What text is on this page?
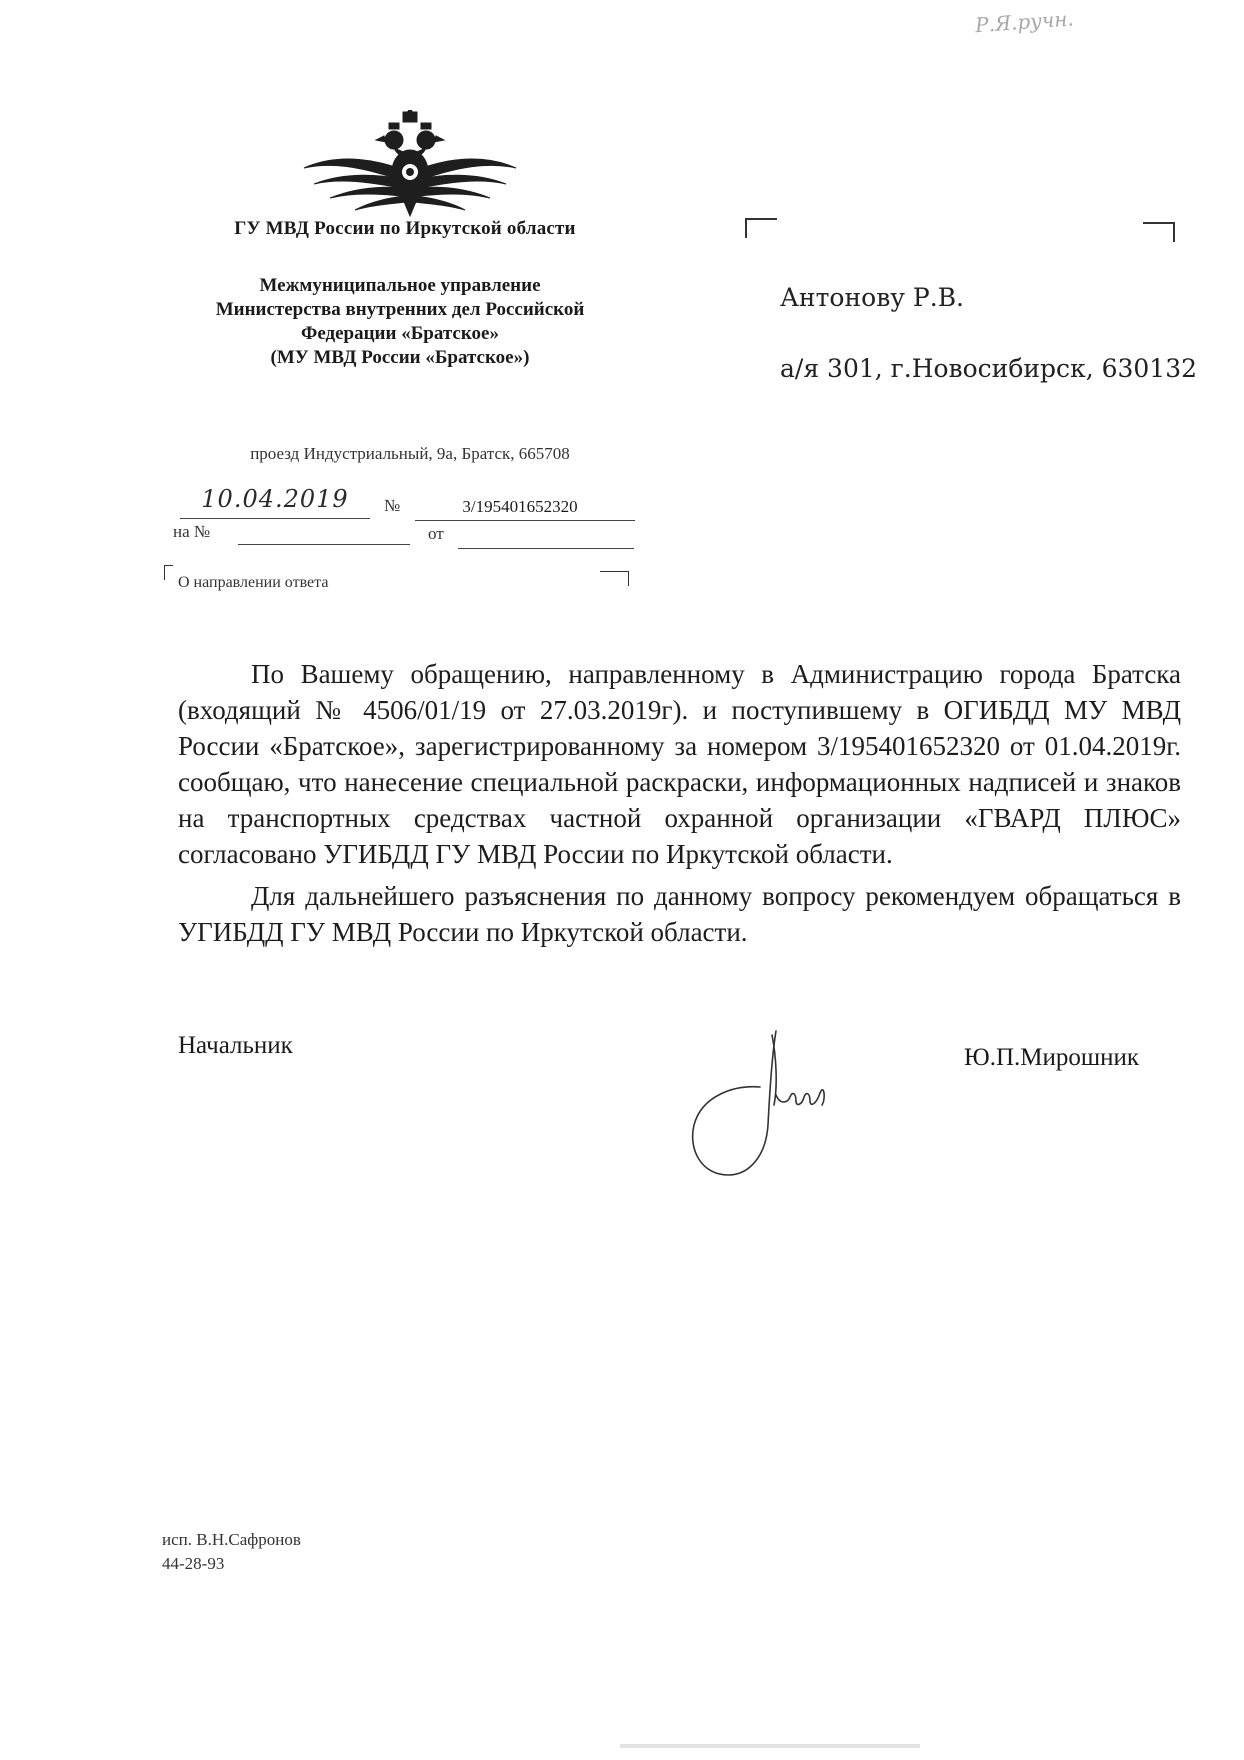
Р.Я.ручн.
ГУ МВД России по Иркутской области
Межмуниципальное управление
Министерства внутренних дел Российской
Федерации «Братское»
(МУ МВД России «Братское»)
проезд Индустриальный, 9а, Братск, 665708
10.04.2019	№	3/195401652320
на №	от
О направлении ответа
Антонову Р.В.
а/я 301, г.Новосибирск, 630132

По Вашему обращению, направленному в Администрацию города Братска (входящий № 4506/01/19 от 27.03.2019г). и поступившему в ОГИБДД МУ МВД России «Братское», зарегистрированному за номером 3/195401652320 от 01.04.2019г. сообщаю, что нанесение специальной раскраски, информационных надписей и знаков на транспортных средствах частной охранной организации «ГВАРД ПЛЮС» согласовано УГИБДД ГУ МВД России по Иркутской области.

Для дальнейшего разъяснения по данному вопросу рекомендуем обращаться в УГИБДД ГУ МВД России по Иркутской области.

Начальник	Ю.П.Мирошник
исп. В.Н.Сафронов
44-28-93
